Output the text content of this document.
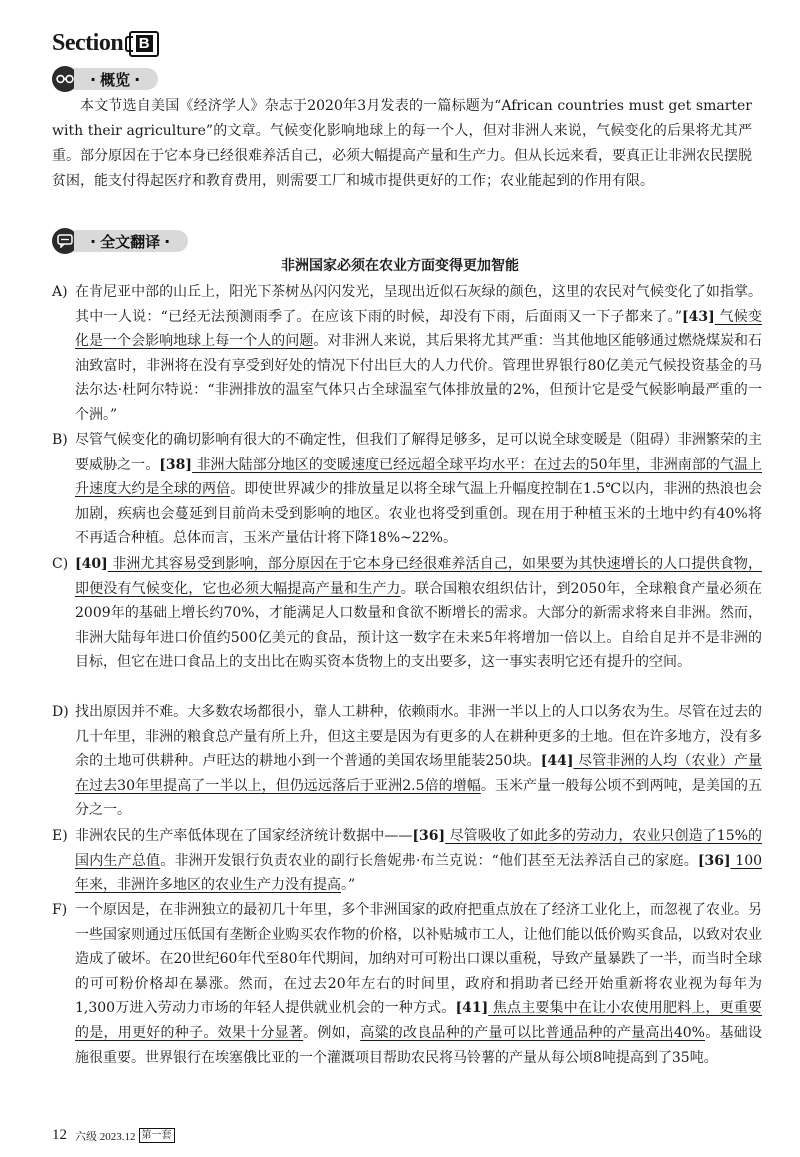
Section B
· 概览 ·
本文节选自美国《经济学人》杂志于2020年3月发表的一篇标题为“African countries must get smarter with their agriculture”的文章。气候变化影响地球上的每一个人，但对非洲人来说，气候变化的后果将尤其严重。部分原因在于它本身已经很难养活自己，必须大幅提高产量和生产力。但从长远来看，要真正让非洲农民摆脱贫困，能支付得起医疗和教育费用，则需要工厂和城市提供更好的工作；农业能起到的作用有限。
· 全文翻译 ·
非洲国家必须在农业方面变得更加智能
A) 在肯尼亚中部的山丘上，阳光下茶树丛闪闪发光，呈现出近似石灰绿的颜色，这里的农民对气候变化了如指掌。其中一人说：“已经无法预测雨季了。在应该下雨的时候，却没有下雨，后面雨又一下子都来了。”[43] 气候变化是一个会影响地球上每一个人的问题。对非洲人来说，其后果将尤其严重：当其他地区能够通过燃烧煤炭和石油致富时，非洲将在没有享受到好处的情况下付出巨大的人力代价。管理世界银行80亿美元气候投资基金的马法尔达·杜阿尔特说：“非洲排放的温室气体只占全球温室气体排放量的2%，但预计它是受气候影响最严重的一个洲。”
B) 尽管气候变化的确切影响有很大的不确定性，但我们了解得足够多，足可以说全球变暖是（阻碍）非洲繁荣的主要威胁之一。[38] 非洲大陆部分地区的变暖速度已经远超全球平均水平：在过去的50年里，非洲南部的气温上升速度大约是全球的两倍。即使世界减少的排放量足以将全球气温上升幅度控制在1.5℃以内，非洲的热浪也会加剧，疾病也会蔓延到目前尚未受到影响的地区。农业也将受到重创。现在用于种植玉米的土地中约有40%将不再适合种植。总体而言，玉米产量估计将下降18%~22%。
C) [40] 非洲尤其容易受到影响，部分原因在于它本身已经很难养活自己，如果要为其快速增长的人口提供食物，即便没有气候变化，它也必须大幅提高产量和生产力。联合国粮农组织估计，到2050年，全球粮食产量必须在2009年的基础上增长约70%，才能满足人口数量和食欲不断增长的需求。大部分的新需求将来自非洲。然而，非洲大陆每年进口价值约500亿美元的食品，预计这一数字在未来5年将增加一倍以上。自给自足并不是非洲的目标，但它在进口食品上的支出比在购买资本货物上的支出要多，这一事实表明它还有提升的空间。
D) 找出原因并不难。大多数农场都很小，靠人工耕种，依赖雨水。非洲一半以上的人口以务农为生。尽管在过去的几十年里，非洲的粮食总产量有所上升，但这主要是因为有更多的人在耕种更多的土地。但在许多地方，没有多余的土地可供耕种。卢旺达的耕地小到一个普通的美国农场里能装250块。[44] 尽管非洲的人均（农业）产量在过去30年里提高了一半以上，但仍远远落后于亚洲2.5倍的增幅。玉米产量一般每公顷不到两吨，是美国的五分之一。
E) 非洲农民的生产率低体现在了国家经济统计数据中——[36] 尽管吸收了如此多的劳动力，农业只创造了15%的国内生产总值。非洲开发银行负责农业的副行长詹妮弗·布兰克说：“他们甚至无法养活自己的家庭。[36] 100年来，非洲许多地区的农业生产力没有提高。”
F) 一个原因是，在非洲独立的最初几十年里，多个非洲国家的政府把重点放在了经济工业化上，而忽视了农业。另一些国家则通过压低国有垄断企业购买农作物的价格，以补贴城市工人，让他们能以低价购买食品，以致对农业造成了破坏。在20世纪60年代至80年代期间，加纳对可可粉出口课以重税，导致产量暴跌了一半，而当时全球的可可粉价格却在暴涨。然而，在过去20年左右的时间里，政府和捐助者已经开始重新将农业视为每年为1,300万进入劳动力市场的年轻人提供就业机会的一种方式。[41] 焦点主要集中在让小农使用肥料上，更重要的是，用更好的种子。效果十分显著。例如，高粱的改良品种的产量可以比普通品种的产量高出40%。基础设施很重要。世界银行在埃塞俄比亚的一个灌溉项目帮助农民将马铃薯的产量从每公顷8吨提高到了35吨。
12 六级 2023.12 第一套
